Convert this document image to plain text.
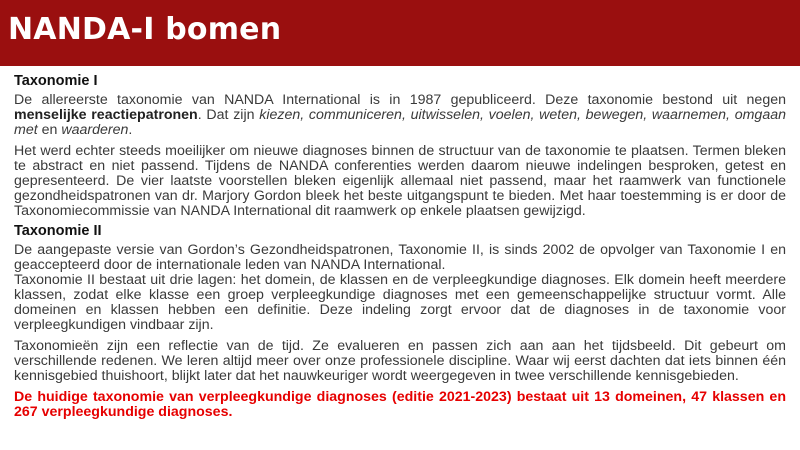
NANDA-I bomen
Taxonomie I

De allereerste taxonomie van NANDA International is in 1987 gepubliceerd. Deze taxonomie bestond uit negen menselijke reactiepatronen. Dat zijn kiezen, communiceren, uitwisselen, voelen, weten, bewegen, waarnemen, omgaan met en waarderen.

Het werd echter steeds moeilijker om nieuwe diagnoses binnen de structuur van de taxonomie te plaatsen. Termen bleken te abstract en niet passend. Tijdens de NANDA conferenties werden daarom nieuwe indelingen besproken, getest en gepresenteerd. De vier laatste voorstellen bleken eigenlijk allemaal niet passend, maar het raamwerk van functionele gezondheidspatronen van dr. Marjory Gordon bleek het beste uitgangspunt te bieden. Met haar toestemming is er door de Taxonomiecommissie van NANDA International dit raamwerk op enkele plaatsen gewijzigd.

Taxonomie II

De aangepaste versie van Gordon’s Gezondheidspatronen, Taxonomie II, is sinds 2002 de opvolger van Taxonomie I en geaccepteerd door de internationale leden van NANDA International.

Taxonomie II bestaat uit drie lagen: het domein, de klassen en de verpleegkundige diagnoses. Elk domein heeft meerdere klassen, zodat elke klasse een groep verpleegkundige diagnoses met een gemeenschappelijke structuur vormt. Alle domeinen en klassen hebben een definitie. Deze indeling zorgt ervoor dat de diagnoses in de taxonomie voor verpleegkundigen vindbaar zijn.

Taxonomieën zijn een reflectie van de tijd. Ze evalueren en passen zich aan aan het tijdsbeeld. Dit gebeurt om verschillende redenen. We leren altijd meer over onze professionele discipline. Waar wij eerst dachten dat iets binnen één kennisgebied thuishoort, blijkt later dat het nauwkeuriger wordt weergegeven in twee verschillende kennisgebieden.

De huidige taxonomie van verpleegkundige diagnoses (editie 2021-2023) bestaat uit 13 domeinen, 47 klassen en 267 verpleegkundige diagnoses.
